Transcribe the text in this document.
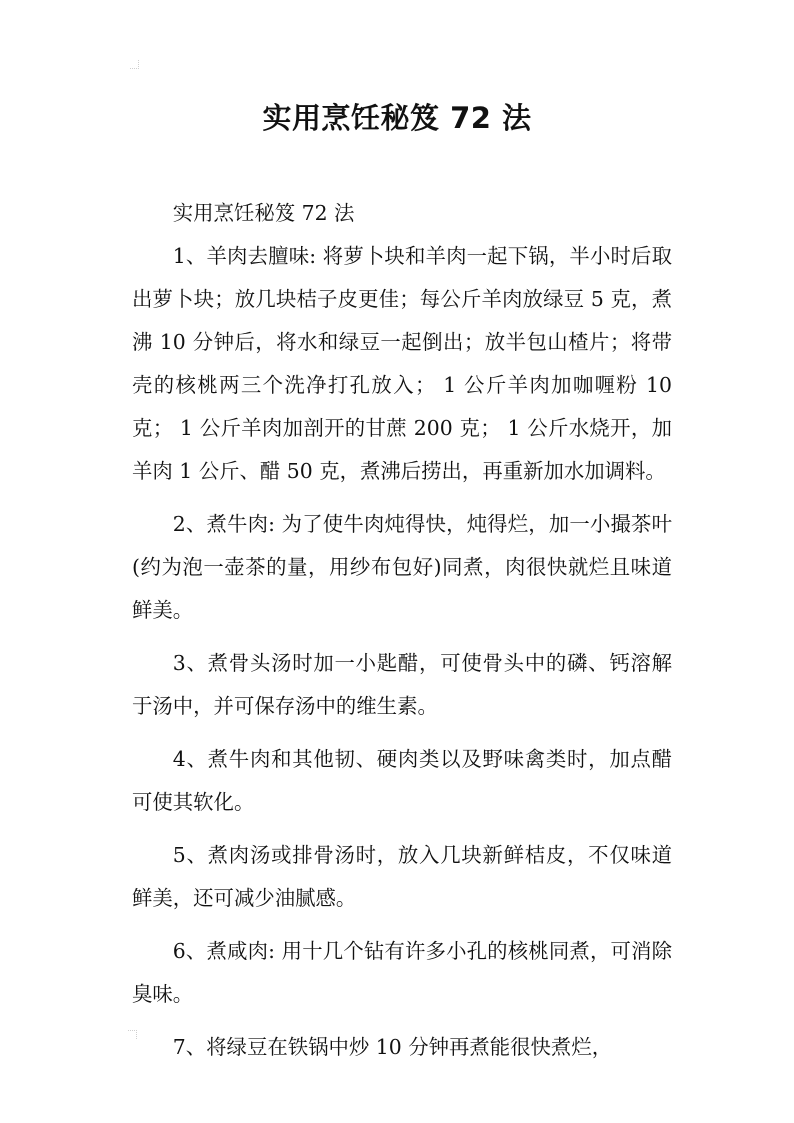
实用烹饪秘笈 72 法

实用烹饪秘笈 72 法

1、羊肉去膻味: 将萝卜块和羊肉一起下锅，半小时后取出萝卜块；放几块桔子皮更佳；每公斤羊肉放绿豆 5 克，煮沸 10 分钟后，将水和绿豆一起倒出；放半包山楂片；将带壳的核桃两三个洗净打孔放入； 1 公斤羊肉加咖喱粉 10 克； 1 公斤羊肉加剖开的甘蔗 200 克； 1 公斤水烧开，加羊肉 1 公斤、醋 50 克，煮沸后捞出，再重新加水加调料。

2、煮牛肉: 为了使牛肉炖得快，炖得烂，加一小撮茶叶(约为泡一壶茶的量，用纱布包好)同煮，肉很快就烂且味道鲜美。

3、煮骨头汤时加一小匙醋，可使骨头中的磷、钙溶解于汤中，并可保存汤中的维生素。

4、煮牛肉和其他韧、硬肉类以及野味禽类时，加点醋可使其软化。

5、煮肉汤或排骨汤时，放入几块新鲜桔皮，不仅味道鲜美，还可减少油腻感。

6、煮咸肉: 用十几个钻有许多小孔的核桃同煮，可消除臭味。

7、将绿豆在铁锅中炒 10 分钟再煮能很快煮烂，
